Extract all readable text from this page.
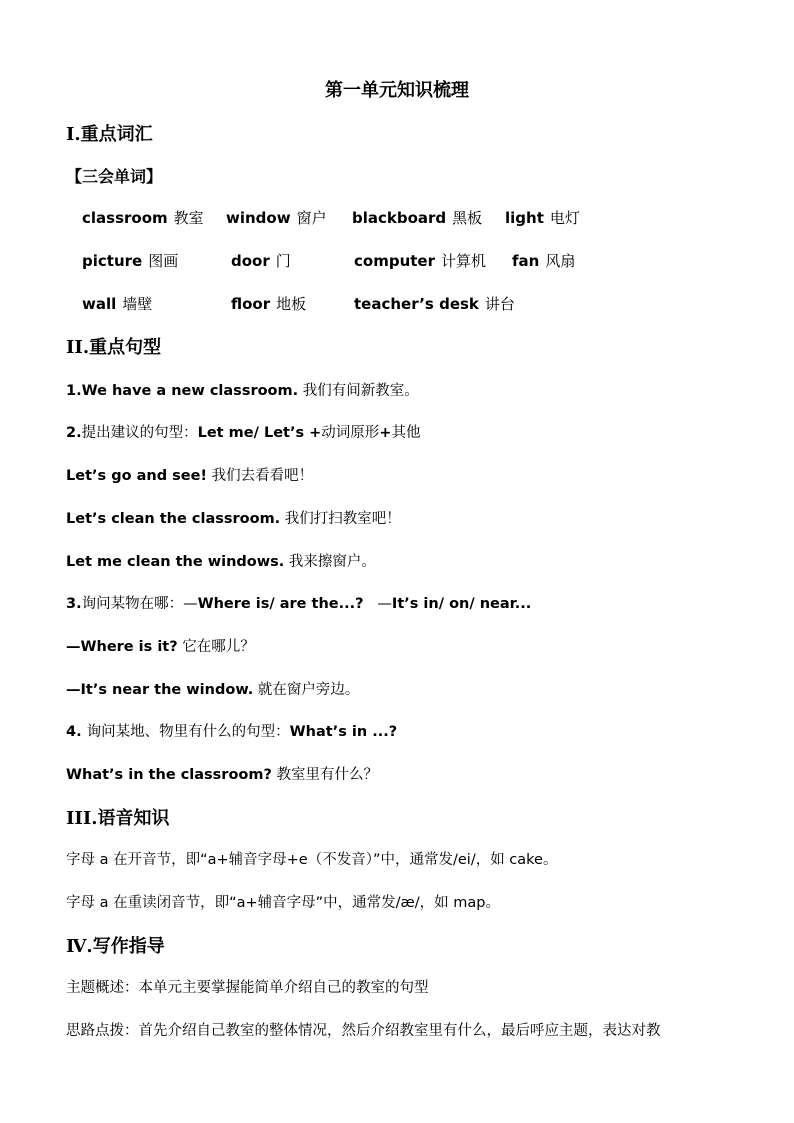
第一单元知识梳理
I.重点词汇
【三会单词】
classroom 教室 window 窗户 blackboard 黑板 light 电灯
picture 图画	door 门	computer 计算机 fan 风扇
wall 墙壁	floor 地板	teacher’s desk 讲台
II.重点句型
1.We have a new classroom. 我们有间新教室。
2.提出建议的句型：Let me/ Let’s +动词原形+其他
Let’s go and see! 我们去看看吧！
Let’s clean the classroom. 我们打扫教室吧！
Let me clean the windows. 我来擦窗户。
3.询问某物在哪：—Where is/ are the...? —It’s in/ on/ near...
—Where is it? 它在哪儿？
—It’s near the window. 就在窗户旁边。
4. 询问某地、物里有什么的句型：What’s in ...?
What’s in the classroom? 教室里有什么？
III.语音知识
字母 a 在开音节，即“a+辅音字母+e（不发音）”中，通常发/ei/，如 cake。
字母 a 在重读闭音节，即“a+辅音字母”中，通常发/æ/，如 map。
Ⅳ.写作指导
主题概述：本单元主要掌握能简单介绍自己的教室的句型
思路点拨：首先介绍自己教室的整体情况，然后介绍教室里有什么，最后呼应主题，表达对教
